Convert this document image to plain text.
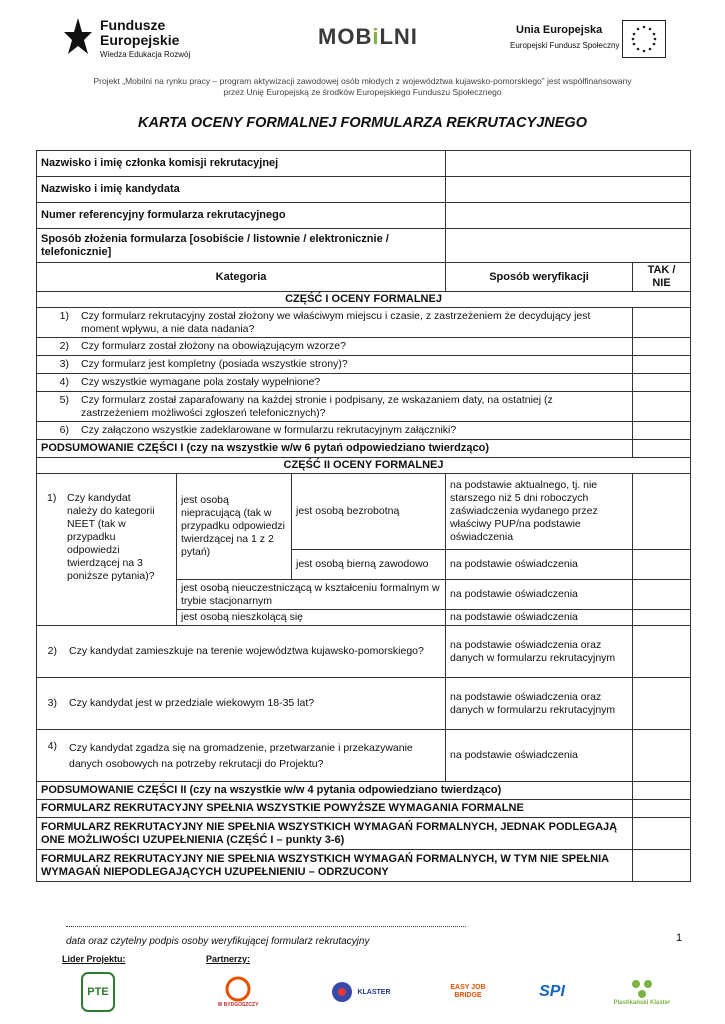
Fundusze
Europejskie
Wiedza Edukacja Rozwój
MOBiLNI	Unia Europejska
Europejski Fundusz Społeczny
Projekt „Mobilni na rynku pracy – program aktywizacji zawodowej osób młodych z województwa kujawsko-pomorskiego” jest współfinansowany
przez Unię Europejską ze środków Europejskiego Funduszu Społecznego
KARTA OCENY FORMALNEJ FORMULARZA REKRUTACYJNEGO
Nazwisko i imię członka komisji rekrutacyjnej				
Nazwisko i imię kandydata				
Numer referencyjny formularza rekrutacyjnego				
Sposób złożenia formularza [osobiście / listownie / elektronicznie / telefonicznie]				
Kategoria			Sposób weryfikacji	TAK / NIE
CZĘŚĆ I OCENY FORMALNEJ				
1) Czy formularz rekrutacyjny został złożony we właściwym miejscu i czasie, z zastrzeżeniem że decydujący jest moment wpływu, a nie data nadania?				
2) Czy formularz został złożony na obowiązującym wzorze?				
3) Czy formularz jest kompletny (posiada wszystkie strony)?				
4) Czy wszystkie wymagane pola zostały wypełnione?				
5) Czy formularz został zaparafowany na każdej stronie i podpisany, ze wskazaniem daty, na ostatniej (z zastrzeżeniem możliwości zgłoszeń telefonicznych)?				
6) Czy załączono wszystkie zadeklarowane w formularzu rekrutacyjnym załączniki?				
PODSUMOWANIE CZĘŚCI I (czy na wszystkie w/w 6 pytań odpowiedziano twierdząco)				
CZĘŚĆ II OCENY FORMALNEJ				
1) Czy kandydat należy do kategorii NEET (tak w przypadku odpowiedzi twierdzącej na 3 poniższe pytania)?	jest osobą niepracującą (tak w przypadku odpowiedzi twierdzącej na 1 z 2 pytań)	jest osobą bezrobotną	na podstawie aktualnego, tj. nie starszego niż 5 dni roboczych zaświadczenia wydanego przez właściwy PUP/na podstawie oświadczenia	
		jest osobą bierną zawodowo	na podstawie oświadczenia	
	jest osobą nieuczestniczącą w kształceniu formalnym w trybie stacjonarnym		na podstawie oświadczenia	
	jest osobą nieszkolącą się		na podstawie oświadczenia	
2) Czy kandydat zamieszkuje na terenie województwa kujawsko-pomorskiego?			na podstawie oświadczenia oraz danych w formularzu rekrutacyjnym	
3) Czy kandydat jest w przedziale wiekowym 18-35 lat?			na podstawie oświadczenia oraz danych w formularzu rekrutacyjnym	
4) Czy kandydat zgadza się na gromadzenie, przetwarzanie i przekazywanie danych osobowych na potrzeby rekrutacji do Projektu?			na podstawie oświadczenia	
PODSUMOWANIE CZĘŚCI II (czy na wszystkie w/w 4 pytania odpowiedziano twierdząco)				
FORMULARZ REKRUTACYJNY SPEŁNIA WSZYSTKIE POWYŻSZE WYMAGANIA FORMALNE				
FORMULARZ REKRUTACYJNY NIE SPEŁNIA WSZYSTKICH WYMAGAŃ FORMALNYCH, JEDNAK PODLEGAJĄ ONE MOŻLIWOŚCI UZUPEŁNIENIA (CZĘŚĆ I – punkty 3-6)				
FORMULARZ REKRUTACYJNY NIE SPEŁNIA WSZYSTKICH WYMAGAŃ FORMALNYCH, W TYM NIE SPEŁNIA WYMAGAŃ NIEPODLEGAJĄCYCH UZUPEŁNIENIU – ODRZUCONY				
data oraz czytelny podpis osoby weryfikującej formularz rekrutacyjny	1
Lider Projektu:	Partnerzy:
PTE
W BYDGOSZCZY
KLASTER
EASY JOB BRIDGE	SPI
Plastikański Klaster
